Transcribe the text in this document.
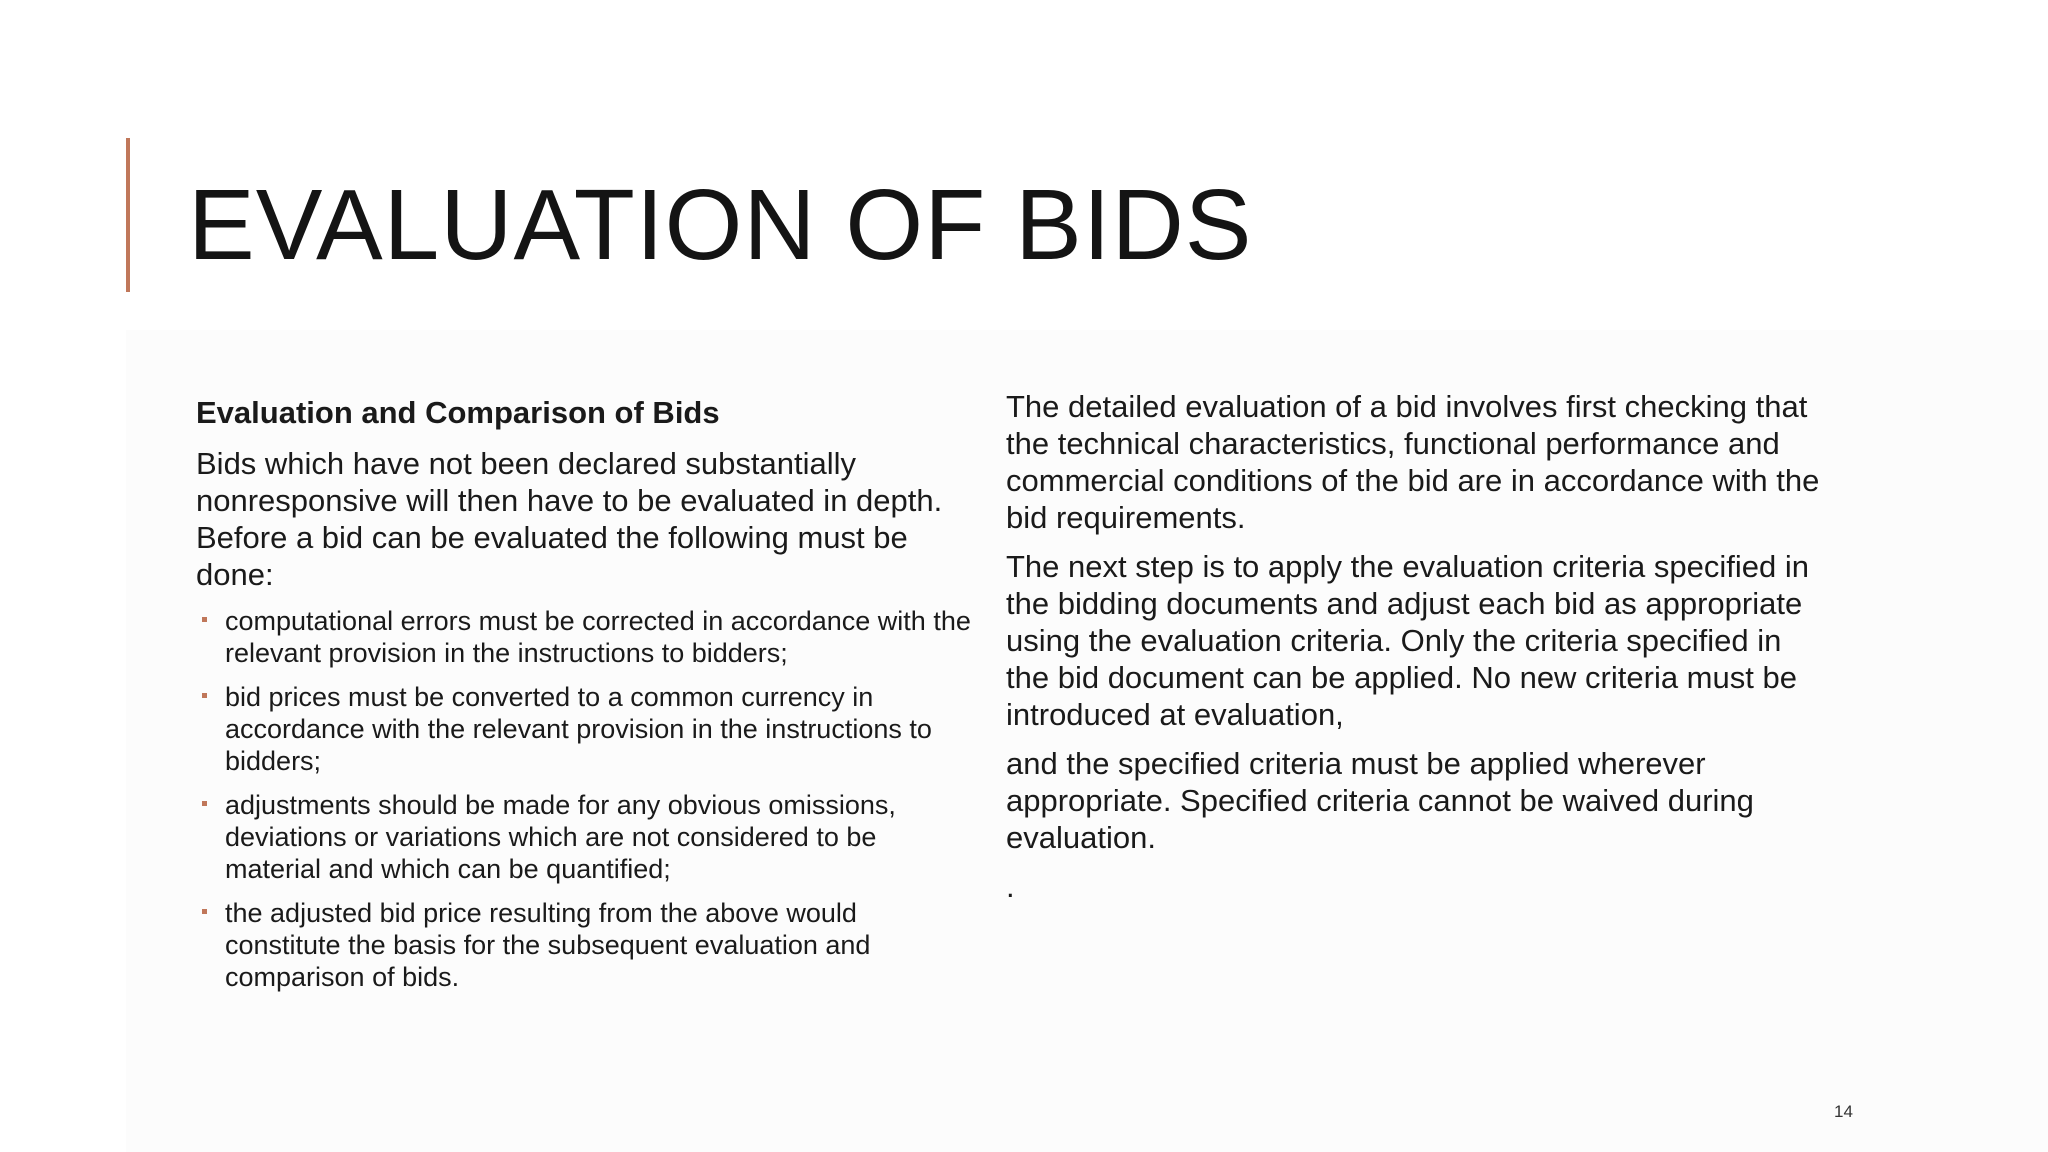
EVALUATION OF BIDS
Evaluation and Comparison of Bids

Bids which have not been declared substantially nonresponsive will then have to be evaluated in depth. Before a bid can be evaluated the following must be done:

computational errors must be corrected in accordance with the relevant provision in the instructions to bidders;
bid prices must be converted to a common currency in accordance with the relevant provision in the instructions to bidders;
adjustments should be made for any obvious omissions, deviations or variations which are not considered to be material and which can be quantified;
the adjusted bid price resulting from the above would constitute the basis for the subsequent evaluation and comparison of bids.

The detailed evaluation of a bid involves first checking that the technical characteristics, functional performance and commercial conditions of the bid are in accordance with the bid requirements.

The next step is to apply the evaluation criteria specified in the bidding documents and adjust each bid as appropriate using the evaluation criteria. Only the criteria specified in the bid document can be applied. No new criteria must be introduced at evaluation,

and the specified criteria must be applied wherever appropriate. Specified criteria cannot be waived during evaluation.

.

14
